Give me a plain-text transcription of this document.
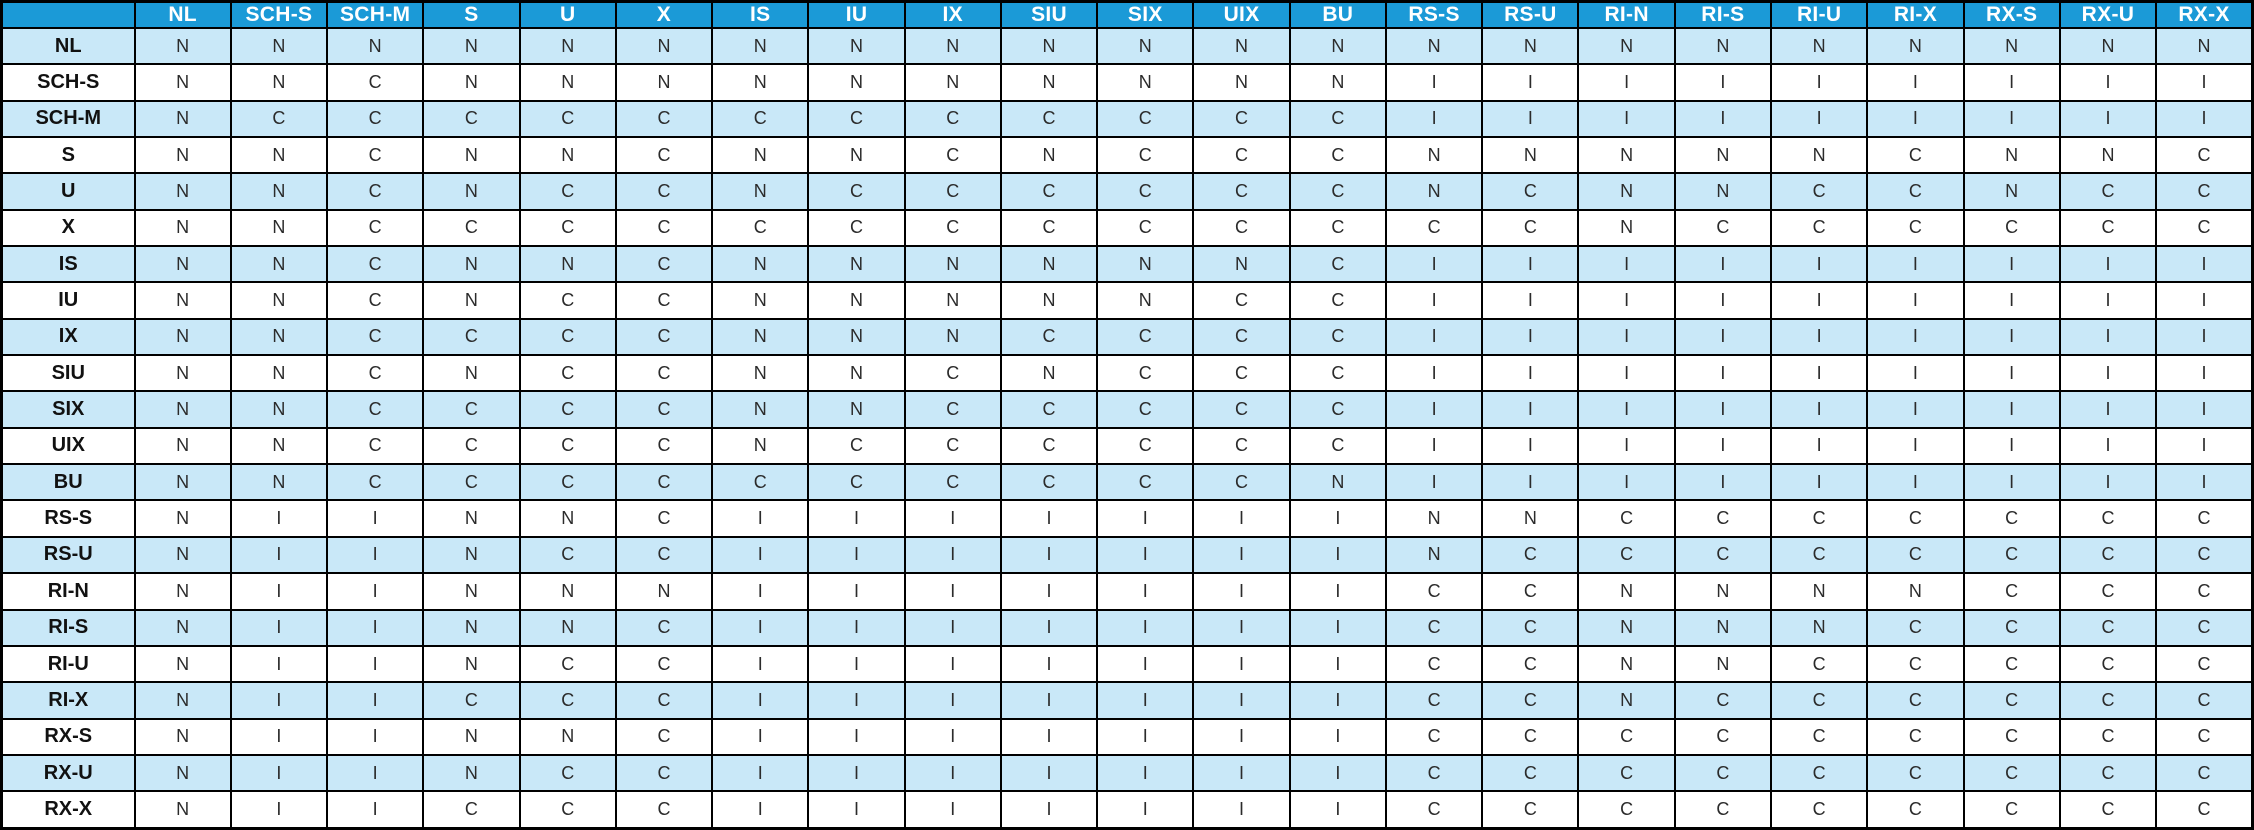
	NL	SCH-S	SCH-M	S	U	X	IS	IU	IX	SIU	SIX	UIX	BU	RS-S	RS-U	RI-N	RI-S	RI-U	RI-X	RX-S	RX-U	RX-X
NL	N	N	N	N	N	N	N	N	N	N	N	N	N	N	N	N	N	N	N	N	N	N
SCH-S	N	N	C	N	N	N	N	N	N	N	N	N	N	I	I	I	I	I	I	I	I	I
SCH-M	N	C	C	C	C	C	C	C	C	C	C	C	C	I	I	I	I	I	I	I	I	I
S	N	N	C	N	N	C	N	N	C	N	C	C	C	N	N	N	N	N	C	N	N	C
U	N	N	C	N	C	C	N	C	C	C	C	C	C	N	C	N	N	C	C	N	C	C
X	N	N	C	C	C	C	C	C	C	C	C	C	C	C	C	N	C	C	C	C	C	C
IS	N	N	C	N	N	C	N	N	N	N	N	N	C	I	I	I	I	I	I	I	I	I
IU	N	N	C	N	C	C	N	N	N	N	N	C	C	I	I	I	I	I	I	I	I	I
IX	N	N	C	C	C	C	N	N	N	C	C	C	C	I	I	I	I	I	I	I	I	I
SIU	N	N	C	N	C	C	N	N	C	N	C	C	C	I	I	I	I	I	I	I	I	I
SIX	N	N	C	C	C	C	N	N	C	C	C	C	C	I	I	I	I	I	I	I	I	I
UIX	N	N	C	C	C	C	N	C	C	C	C	C	C	I	I	I	I	I	I	I	I	I
BU	N	N	C	C	C	C	C	C	C	C	C	C	N	I	I	I	I	I	I	I	I	I
RS-S	N	I	I	N	N	C	I	I	I	I	I	I	I	N	N	C	C	C	C	C	C	C
RS-U	N	I	I	N	C	C	I	I	I	I	I	I	I	N	C	C	C	C	C	C	C	C
RI-N	N	I	I	N	N	N	I	I	I	I	I	I	I	C	C	N	N	N	N	C	C	C
RI-S	N	I	I	N	N	C	I	I	I	I	I	I	I	C	C	N	N	N	C	C	C	C
RI-U	N	I	I	N	C	C	I	I	I	I	I	I	I	C	C	N	N	C	C	C	C	C
RI-X	N	I	I	C	C	C	I	I	I	I	I	I	I	C	C	N	C	C	C	C	C	C
RX-S	N	I	I	N	N	C	I	I	I	I	I	I	I	C	C	C	C	C	C	C	C	C
RX-U	N	I	I	N	C	C	I	I	I	I	I	I	I	C	C	C	C	C	C	C	C	C
RX-X	N	I	I	C	C	C	I	I	I	I	I	I	I	C	C	C	C	C	C	C	C	C
